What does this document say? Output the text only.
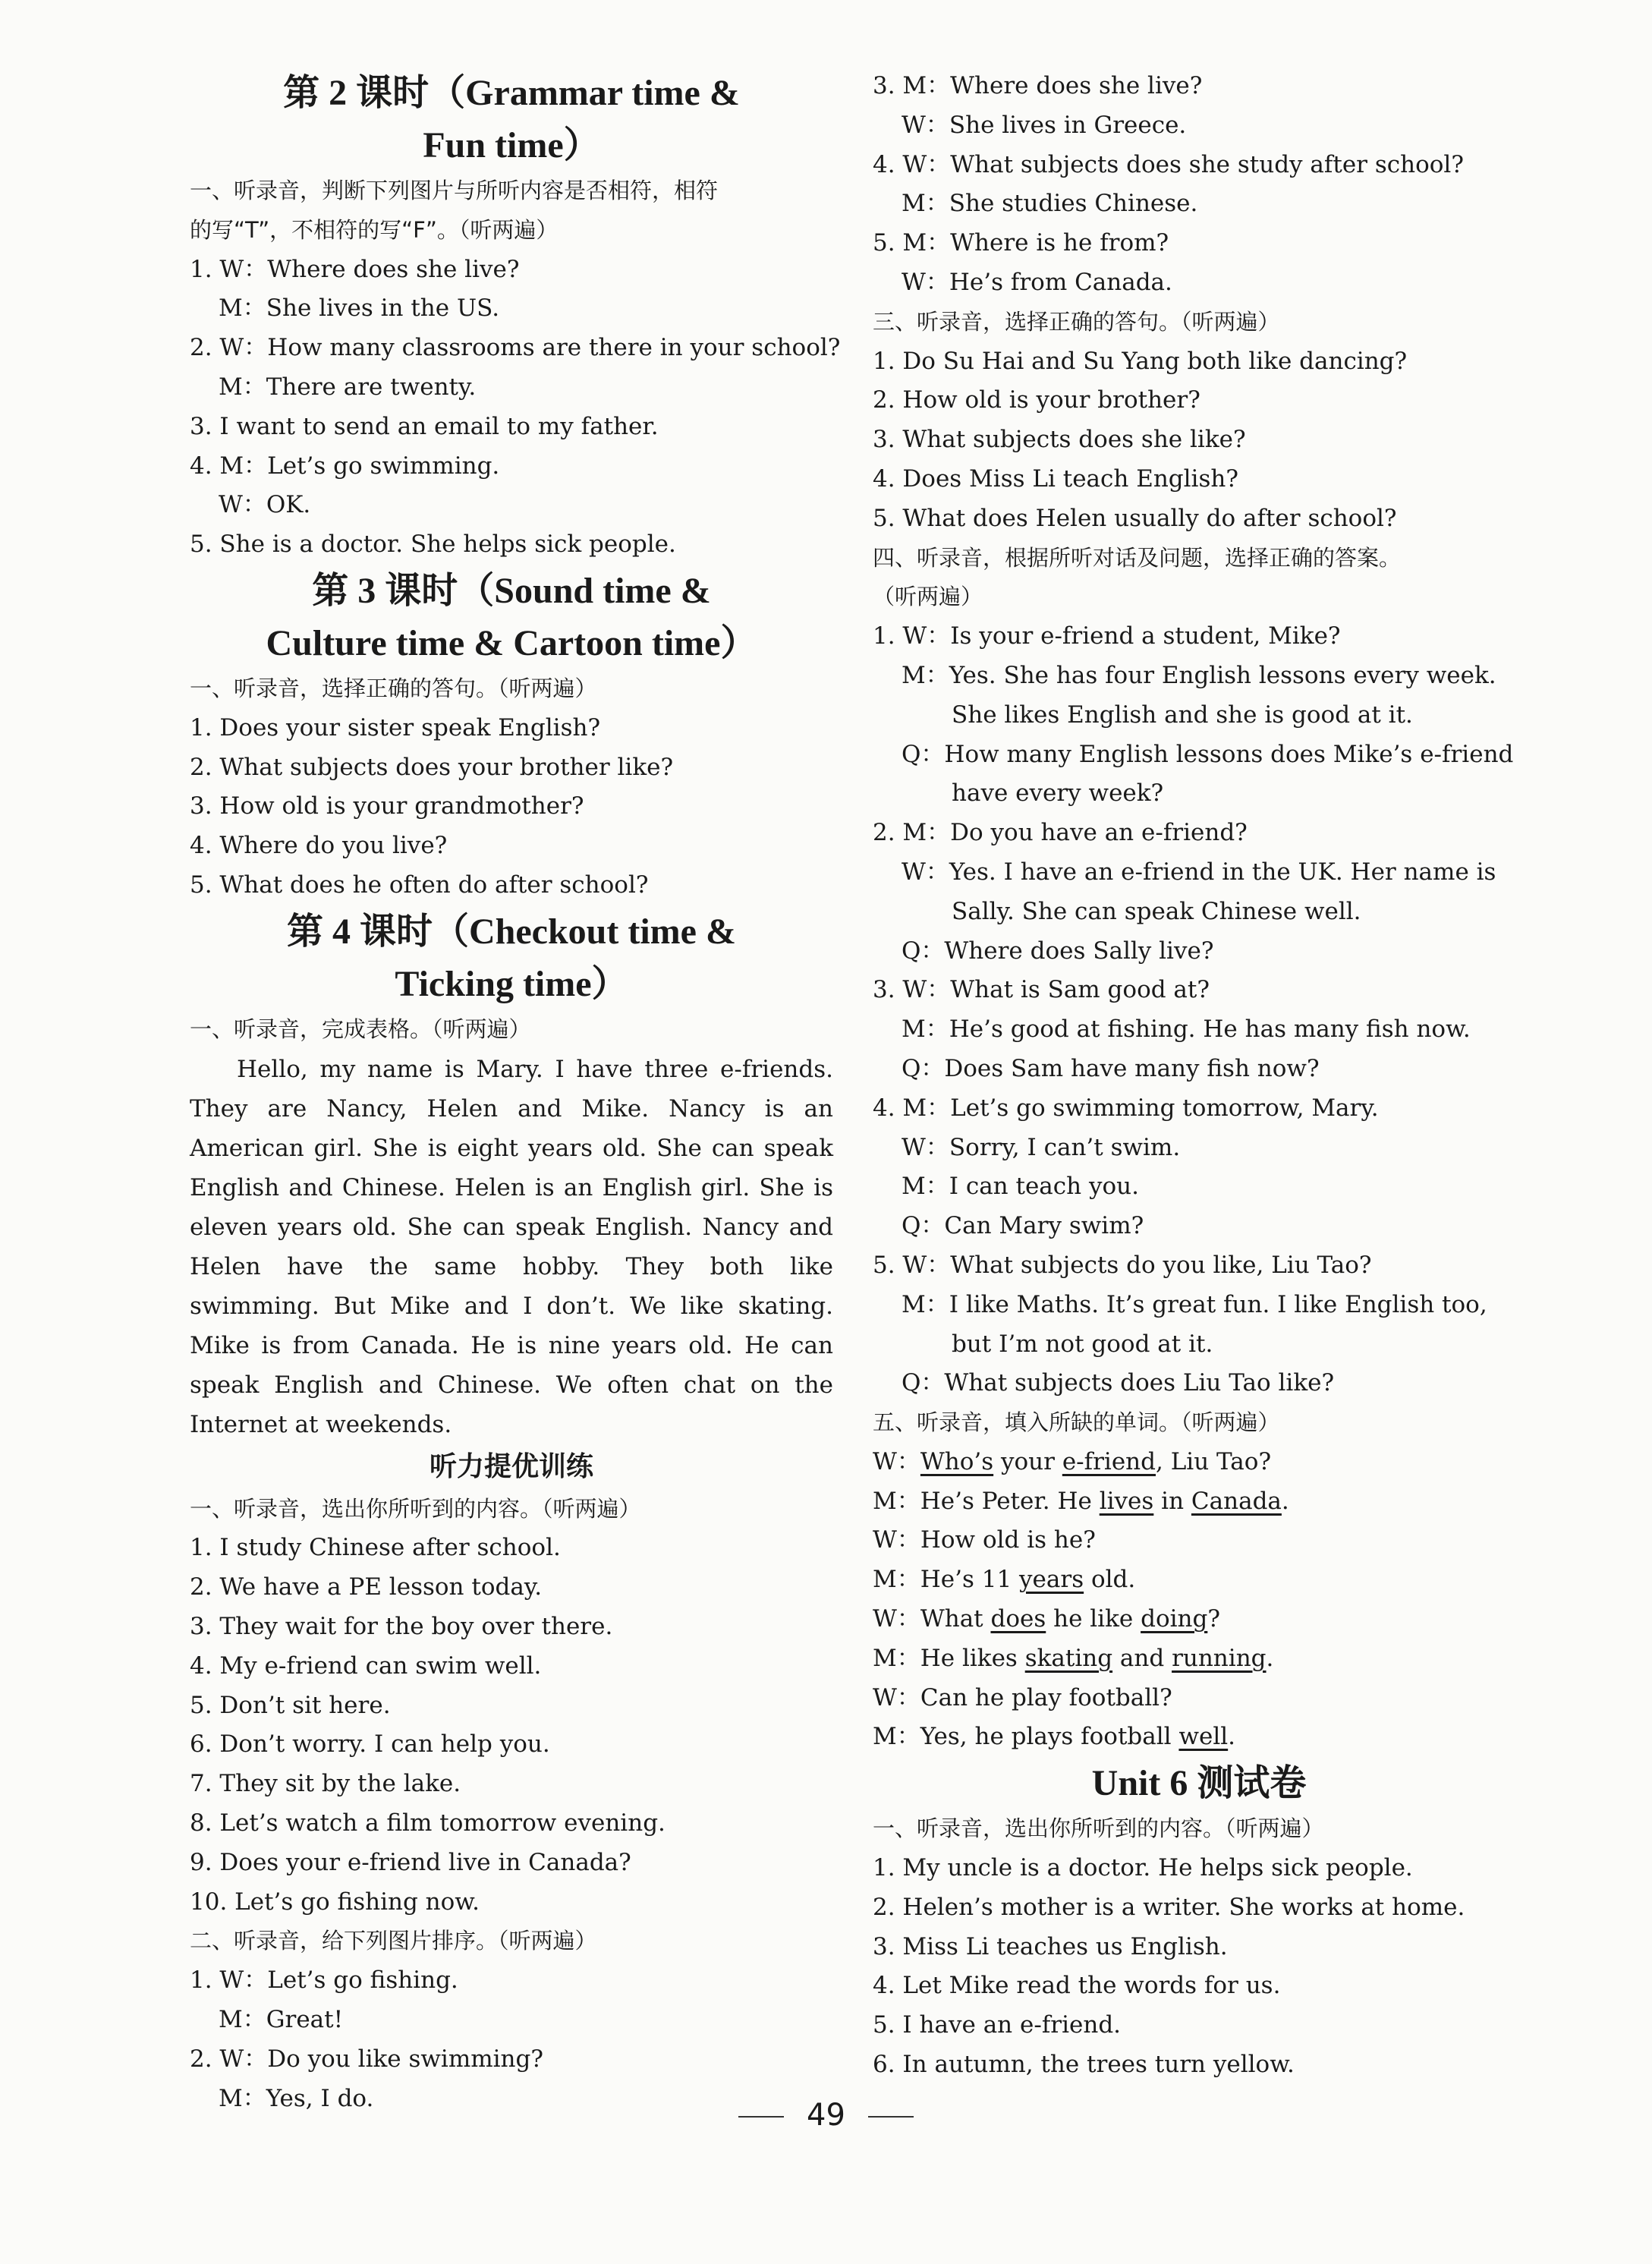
第 2 课时（Grammar time &
Fun time）
一、听录音，判断下列图片与所听内容是否相符，相符
的写“T”，不相符的写“F”。（听两遍）
1. W：Where does she live?
M：She lives in the US.
2. W：How many classrooms are there in your school?
M：There are twenty.
3. I want to send an email to my father.
4. M：Let’s go swimming.
W：OK.
5. She is a doctor. She helps sick people.
第 3 课时（Sound time &
Culture time & Cartoon time）
一、听录音，选择正确的答句。（听两遍）
1. Does your sister speak English?
2. What subjects does your brother like?
3. How old is your grandmother?
4. Where do you live?
5. What does he often do after school?
第 4 课时（Checkout time &
Ticking time）
一、听录音，完成表格。（听两遍）
Hello, my name is Mary. I have three e-friends. They are Nancy, Helen and Mike. Nancy is an American girl. She is eight years old. She can speak English and Chinese. Helen is an English girl. She is eleven years old. She can speak English. Nancy and Helen have the same hobby. They both like swimming. But Mike and I don’t. We like skating. Mike is from Canada. He is nine years old. He can speak English and Chinese. We often chat on the Internet at weekends.
听力提优训练
一、听录音，选出你所听到的内容。（听两遍）
1. I study Chinese after school.
2. We have a PE lesson today.
3. They wait for the boy over there.
4. My e-friend can swim well.
5. Don’t sit here.
6. Don’t worry. I can help you.
7. They sit by the lake.
8. Let’s watch a film tomorrow evening.
9. Does your e-friend live in Canada?
10. Let’s go fishing now.
二、听录音，给下列图片排序。（听两遍）
1. W：Let’s go fishing.
M：Great!
2. W：Do you like swimming?
M：Yes, I do.
3. M：Where does she live?
W：She lives in Greece.
4. W：What subjects does she study after school?
M：She studies Chinese.
5. M：Where is he from?
W：He’s from Canada.
三、听录音，选择正确的答句。（听两遍）
1. Do Su Hai and Su Yang both like dancing?
2. How old is your brother?
3. What subjects does she like?
4. Does Miss Li teach English?
5. What does Helen usually do after school?
四、听录音，根据所听对话及问题，选择正确的答案。
（听两遍）
1. W：Is your e-friend a student, Mike?
M：Yes. She has four English lessons every week.
She likes English and she is good at it.
Q：How many English lessons does Mike’s e-friend
have every week?
2. M：Do you have an e-friend?
W：Yes. I have an e-friend in the UK. Her name is
Sally. She can speak Chinese well.
Q：Where does Sally live?
3. W：What is Sam good at?
M：He’s good at fishing. He has many fish now.
Q：Does Sam have many fish now?
4. M：Let’s go swimming tomorrow, Mary.
W：Sorry, I can’t swim.
M：I can teach you.
Q：Can Mary swim?
5. W：What subjects do you like, Liu Tao?
M：I like Maths. It’s great fun. I like English too,
but I’m not good at it.
Q：What subjects does Liu Tao like?
五、听录音，填入所缺的单词。（听两遍）
W：Who’s your e-friend, Liu Tao?
M：He’s Peter. He lives in Canada.
W：How old is he?
M：He’s 11 years old.
W：What does he like doing?
M：He likes skating and running.
W：Can he play football?
M：Yes, he plays football well.
Unit 6 测试卷
一、听录音，选出你所听到的内容。（听两遍）
1. My uncle is a doctor. He helps sick people.
2. Helen’s mother is a writer. She works at home.
3. Miss Li teaches us English.
4. Let Mike read the words for us.
5. I have an e-friend.
6. In autumn, the trees turn yellow.
49
